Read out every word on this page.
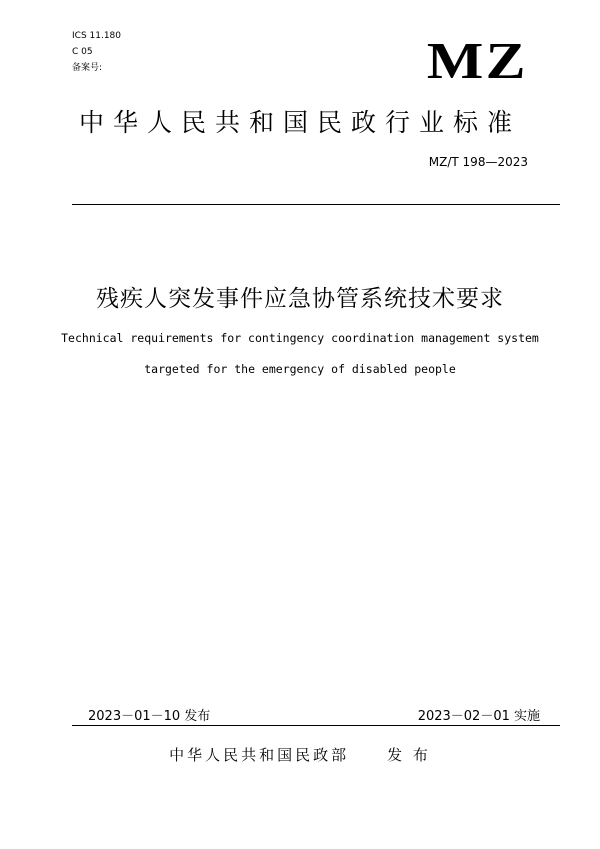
ICS 11.180
C 05
备案号:	MZ
中华人民共和国民政行业标准
MZ/T 198—2023
残疾人突发事件应急协管系统技术要求
Technical requirements for contingency coordination management system
targeted for the emergency of disabled people
2023－01－10 发布	2023－02－01 实施
中华人民共和国民政部	发 布
